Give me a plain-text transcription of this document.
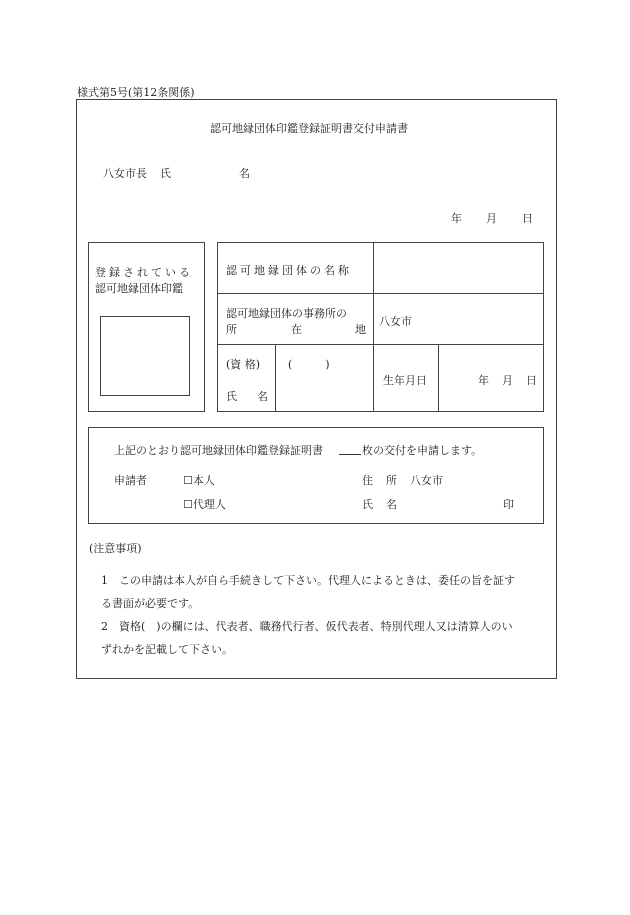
様式第5号(第12条関係)
認可地縁団体印鑑登録証明書交付申請書
八女市長 氏	名
年 月 日
登録されている
認可地縁団体印鑑
認可地縁団体の名称
認可地縁団体の事務所の
所	在	地
八女市
(資 格)	(　　　)
氏 名
生年月日	年 月 日
上記のとおり認可地縁団体印鑑登録証明書	枚の交付を申請します。
申請者	☐本人
☐代理人
住 所 八女市
氏 名	印
(注意事項)
1　この申請は本人が自ら手続きして下さい。代理人によるときは、委任の旨を証す
る書面が必要です。
2　資格(　)の欄には、代表者、職務代行者、仮代表者、特別代理人又は清算人のい
ずれかを記載して下さい。
